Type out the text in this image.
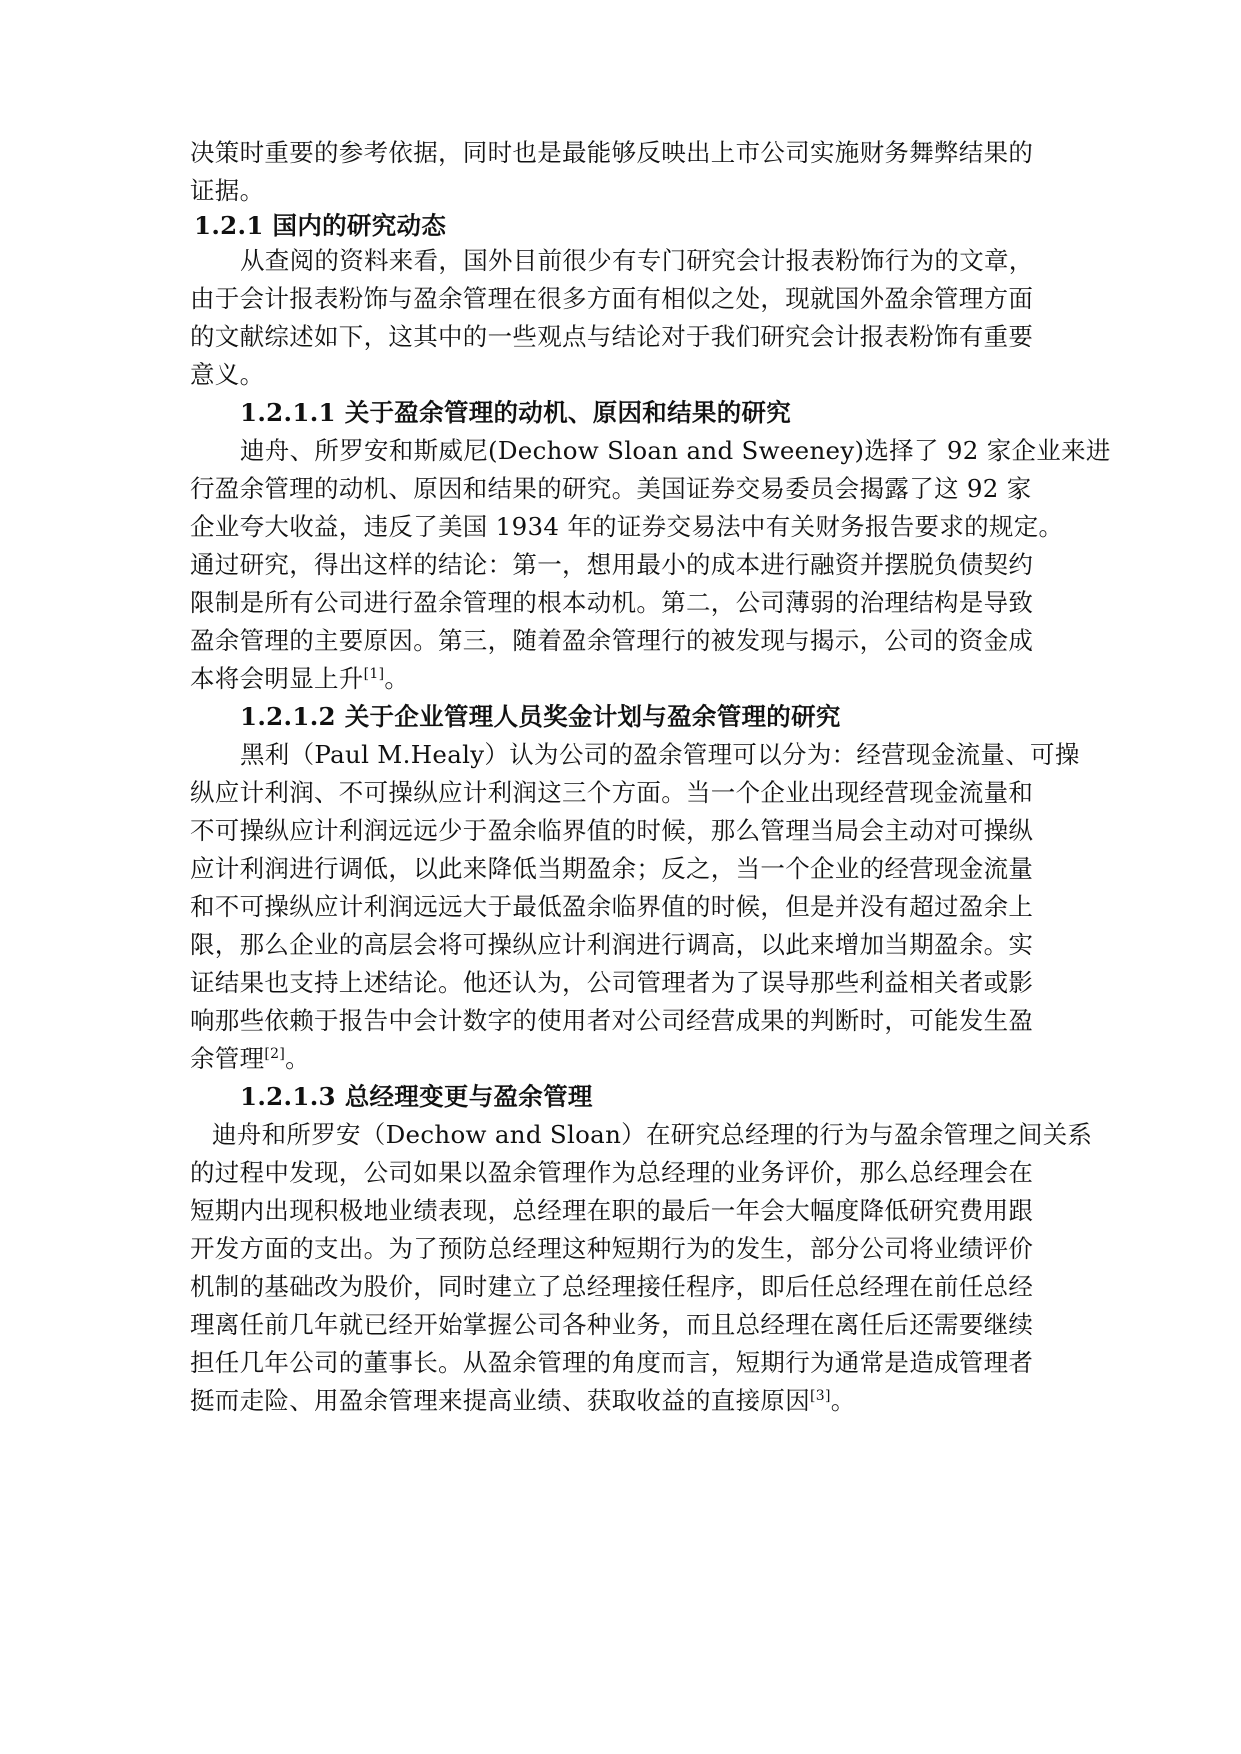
决策时重要的参考依据，同时也是最能够反映出上市公司实施财务舞弊结果的
证据。
1.2.1 国内的研究动态
从查阅的资料来看，国外目前很少有专门研究会计报表粉饰行为的文章，
由于会计报表粉饰与盈余管理在很多方面有相似之处，现就国外盈余管理方面
的文献综述如下，这其中的一些观点与结论对于我们研究会计报表粉饰有重要
意义。
1.2.1.1 关于盈余管理的动机、原因和结果的研究
迪舟、所罗安和斯威尼(Dechow Sloan and Sweeney)选择了 92 家企业来进
行盈余管理的动机、原因和结果的研究。美国证券交易委员会揭露了这 92 家
企业夸大收益，违反了美国 1934 年的证券交易法中有关财务报告要求的规定。
通过研究，得出这样的结论：第一，想用最小的成本进行融资并摆脱负债契约
限制是所有公司进行盈余管理的根本动机。第二，公司薄弱的治理结构是导致
盈余管理的主要原因。第三，随着盈余管理行的被发现与揭示，公司的资金成
本将会明显上升[1]。
1.2.1.2 关于企业管理人员奖金计划与盈余管理的研究
黑利（Paul M.Healy）认为公司的盈余管理可以分为：经营现金流量、可操
纵应计利润、不可操纵应计利润这三个方面。当一个企业出现经营现金流量和
不可操纵应计利润远远少于盈余临界值的时候，那么管理当局会主动对可操纵
应计利润进行调低，以此来降低当期盈余；反之，当一个企业的经营现金流量
和不可操纵应计利润远远大于最低盈余临界值的时候，但是并没有超过盈余上
限，那么企业的高层会将可操纵应计利润进行调高，以此来增加当期盈余。实
证结果也支持上述结论。他还认为，公司管理者为了误导那些利益相关者或影
响那些依赖于报告中会计数字的使用者对公司经营成果的判断时，可能发生盈
余管理[2]。
1.2.1.3 总经理变更与盈余管理
迪舟和所罗安（Dechow and Sloan）在研究总经理的行为与盈余管理之间关系
的过程中发现，公司如果以盈余管理作为总经理的业务评价，那么总经理会在
短期内出现积极地业绩表现，总经理在职的最后一年会大幅度降低研究费用跟
开发方面的支出。为了预防总经理这种短期行为的发生，部分公司将业绩评价
机制的基础改为股价，同时建立了总经理接任程序，即后任总经理在前任总经
理离任前几年就已经开始掌握公司各种业务，而且总经理在离任后还需要继续
担任几年公司的董事长。从盈余管理的角度而言，短期行为通常是造成管理者
挺而走险、用盈余管理来提高业绩、获取收益的直接原因[3]。
